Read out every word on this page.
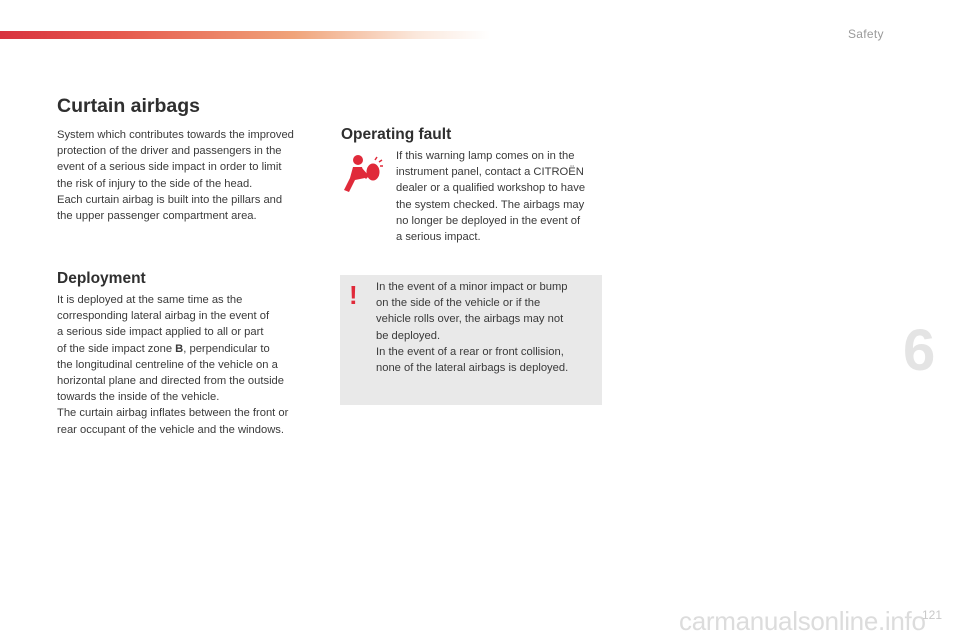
Safety
Curtain airbags
System which contributes towards the improved
protection of the driver and passengers in the
event of a serious side impact in order to limit
the risk of injury to the side of the head.
Each curtain airbag is built into the pillars and
the upper passenger compartment area.
Deployment
It is deployed at the same time as the
corresponding lateral airbag in the event of
a serious side impact applied to all or part
of the side impact zone B, perpendicular to
the longitudinal centreline of the vehicle on a
horizontal plane and directed from the outside
towards the inside of the vehicle.
The curtain airbag inflates between the front or
rear occupant of the vehicle and the windows.
Operating fault
If this warning lamp comes on in the
instrument panel, contact a CITROËN
dealer or a qualified workshop to have
the system checked. The airbags may
no longer be deployed in the event of
a serious impact.
! In the event of a minor impact or bump
on the side of the vehicle or if the
vehicle rolls over, the airbags may not
be deployed.
In the event of a rear or front collision,
none of the lateral airbags is deployed.	6
carmanualsonline.info
121
